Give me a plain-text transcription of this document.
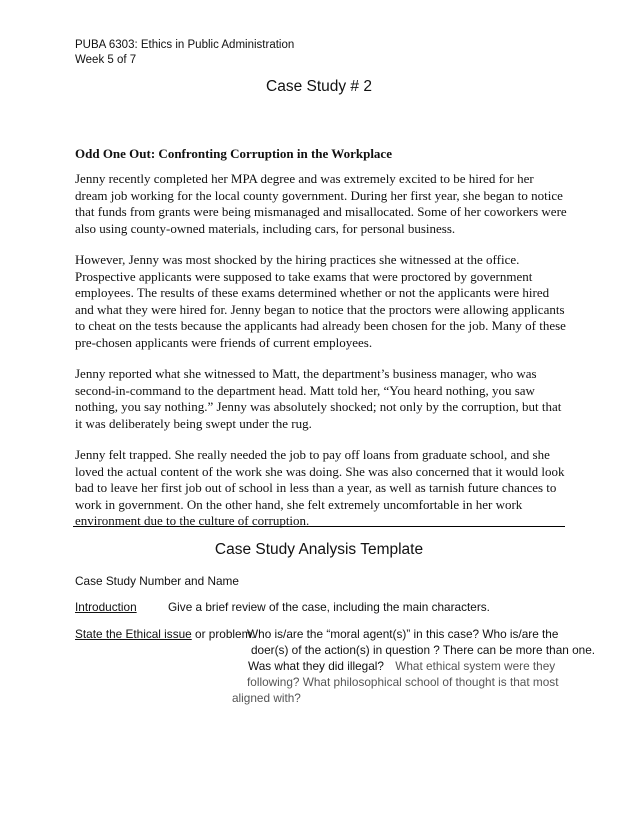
PUBA 6303: Ethics in Public Administration
Week 5 of 7
Case Study # 2
Odd One Out: Confronting Corruption in the Workplace

Jenny recently completed her MPA degree and was extremely excited to be hired for her dream job working for the local county government. During her first year, she began to notice that funds from grants were being mismanaged and misallocated. Some of her coworkers were also using county-owned materials, including cars, for personal business.

However, Jenny was most shocked by the hiring practices she witnessed at the office. Prospective applicants were supposed to take exams that were proctored by government employees. The results of these exams determined whether or not the applicants were hired and what they were hired for. Jenny began to notice that the proctors were allowing applicants to cheat on the tests because the applicants had already been chosen for the job. Many of these pre-chosen applicants were friends of current employees.

Jenny reported what she witnessed to Matt, the department’s business manager, who was second-in-command to the department head. Matt told her, “You heard nothing, you saw nothing, you say nothing.” Jenny was absolutely shocked; not only by the corruption, but that it was deliberately being swept under the rug.

Jenny felt trapped. She really needed the job to pay off loans from graduate school, and she loved the actual content of the work she was doing. She was also concerned that it would look bad to leave her first job out of school in less than a year, as well as tarnish future chances to work in government. On the other hand, she felt extremely uncomfortable in her work environment due to the culture of corruption.

Case Study Analysis Template
Case Study Number and Name
Introduction	Give a brief review of the case, including the main characters.
State the Ethical issue or problem.
Who is/are the “moral agent(s)” in this case? Who is/are the
doer(s) of the action(s) in question ? There can be more than one.
Was what they did illegal? What ethical system were they
following? What philosophical school of thought is that most
aligned with?
